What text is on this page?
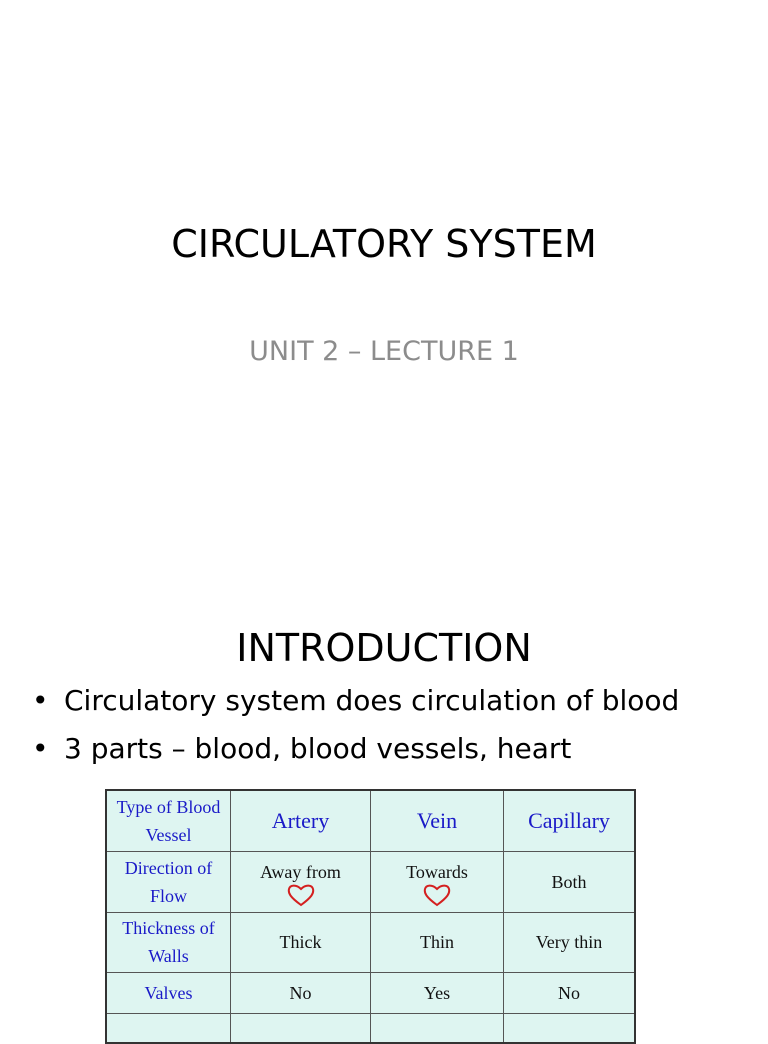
CIRCULATORY SYSTEM
UNIT 2 – LECTURE 1
INTRODUCTION
• Circulatory system does circulation of blood
• 3 parts – blood, blood vessels, heart
Type of Blood Vessel	Artery	Vein	Capillary
Direction of Flow	Away from	Towards	Both
Thickness of Walls	Thick	Thin	Very thin
Valves	No	Yes	No
